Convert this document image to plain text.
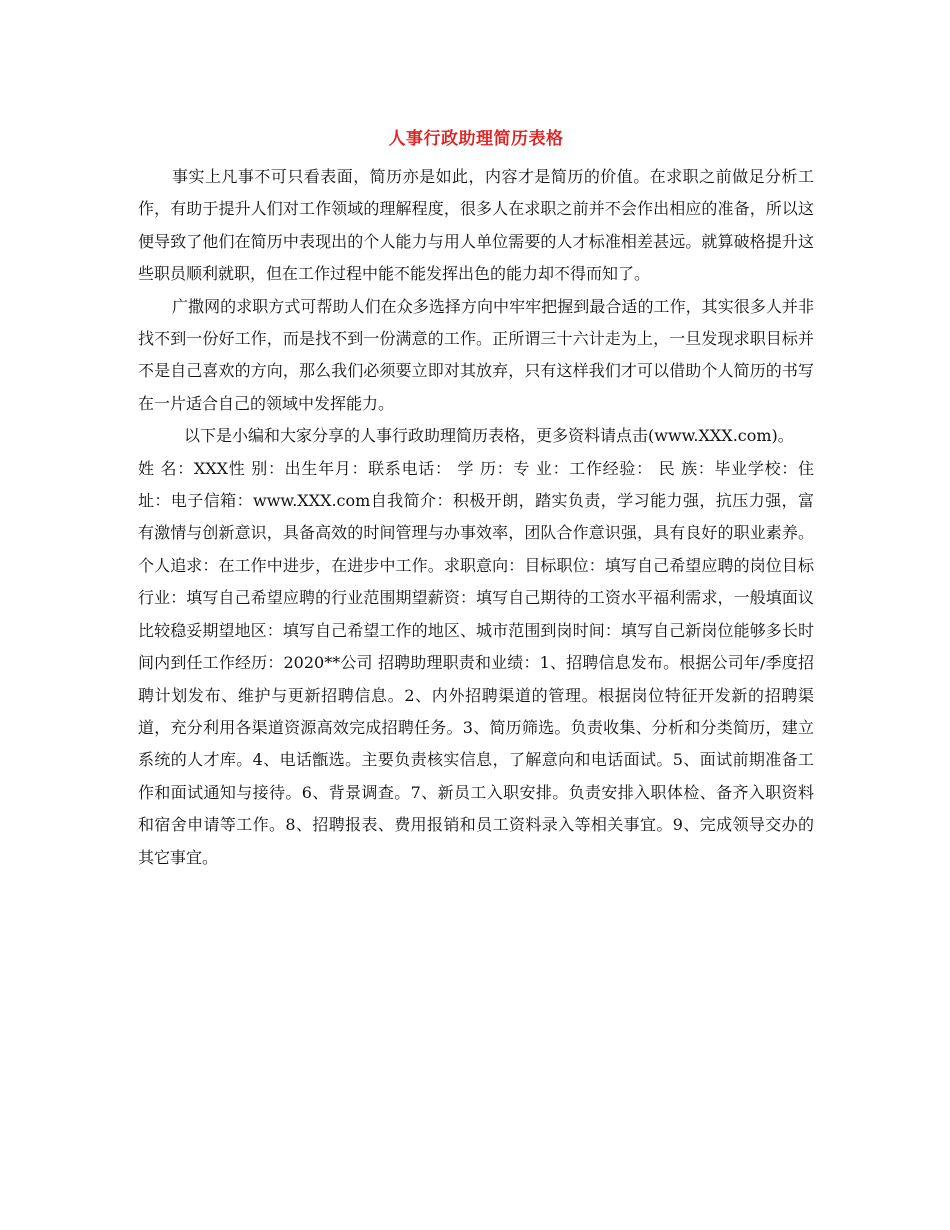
人事行政助理简历表格

事实上凡事不可只看表面，简历亦是如此，内容才是简历的价值。在求职之前做足分析工作，有助于提升人们对工作领域的理解程度，很多人在求职之前并不会作出相应的准备，所以这便导致了他们在简历中表现出的个人能力与用人单位需要的人才标准相差甚远。就算破格提升这些职员顺利就职，但在工作过程中能不能发挥出色的能力却不得而知了。

广撒网的求职方式可帮助人们在众多选择方向中牢牢把握到最合适的工作，其实很多人并非找不到一份好工作，而是找不到一份满意的工作。正所谓三十六计走为上，一旦发现求职目标并不是自己喜欢的方向，那么我们必须要立即对其放弃，只有这样我们才可以借助个人简历的书写在一片适合自己的领域中发挥能力。

以下是小编和大家分享的人事行政助理简历表格，更多资料请点击(www.XXX.com)。

姓 名：XXX性 别：出生年月：联系电话： 学 历：专 业：工作经验： 民 族：毕业学校：住 址：电子信箱：www.XXX.com自我简介：积极开朗，踏实负责，学习能力强，抗压力强，富有激情与创新意识，具备高效的时间管理与办事效率，团队合作意识强，具有良好的职业素养。个人追求：在工作中进步，在进步中工作。求职意向：目标职位：填写自己希望应聘的岗位目标行业：填写自己希望应聘的行业范围期望薪资：填写自己期待的工资水平福利需求，一般填面议比较稳妥期望地区：填写自己希望工作的地区、城市范围到岗时间：填写自己新岗位能够多长时间内到任工作经历：2020**公司 招聘助理职责和业绩：1、招聘信息发布。根据公司年/季度招聘计划发布、维护与更新招聘信息。2、内外招聘渠道的管理。根据岗位特征开发新的招聘渠道，充分利用各渠道资源高效完成招聘任务。3、简历筛选。负责收集、分析和分类简历，建立系统的人才库。4、电话甑选。主要负责核实信息，了解意向和电话面试。5、面试前期准备工作和面试通知与接待。6、背景调查。7、新员工入职安排。负责安排入职体检、备齐入职资料和宿舍申请等工作。8、招聘报表、费用报销和员工资料录入等相关事宜。9、完成领导交办的其它事宜。
